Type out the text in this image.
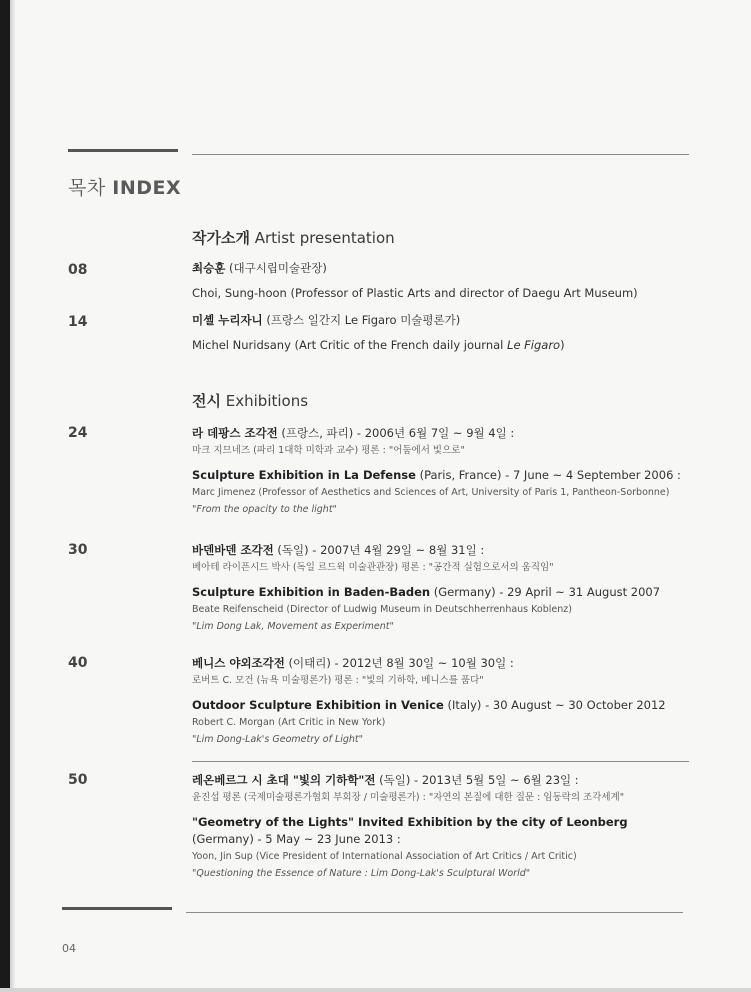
목차 INDEX
작가소개 Artist presentation
08	최승훈 (대구시립미술관장)
Choi, Sung-hoon (Professor of Plastic Arts and director of Daegu Art Museum)
14	미셸 누리자니 (프랑스 일간지 Le Figaro 미술평론가)
Michel Nuridsany (Art Critic of the French daily journal Le Figaro)
전시 Exhibitions
24	라 데팡스 조각전 (프랑스, 파리) - 2006년 6월 7일 ~ 9월 4일 :
마크 지므네즈 (파리 1대학 미학과 교수) 평론 : "어둠에서 빛으로"
Sculpture Exhibition in La Defense (Paris, France) - 7 June ~ 4 September 2006 :
Marc Jimenez (Professor of Aesthetics and Sciences of Art, University of Paris 1, Pantheon-Sorbonne)
"From the opacity to the light"
30	바덴바덴 조각전 (독일) - 2007년 4월 29일 ~ 8월 31일 :
베아테 라이픈시드 박사 (독일 르드윅 미술관관장) 평론 : "공간적 실험으로서의 움직임"
Sculpture Exhibition in Baden-Baden (Germany) - 29 April ~ 31 August 2007
Beate Reifenscheid (Director of Ludwig Museum in Deutschherrenhaus Koblenz)
"Lim Dong Lak, Movement as Experiment"
40	베니스 야외조각전 (이태리) - 2012년 8월 30일 ~ 10월 30일 :
로버트 C. 모건 (뉴욕 미술평론가) 평론 : "빛의 기하학, 베니스를 품다"
Outdoor Sculpture Exhibition in Venice (Italy) - 30 August ~ 30 October 2012
Robert C. Morgan (Art Critic in New York)
"Lim Dong-Lak's Geometry of Light"
50	레온베르그 시 초대 "빛의 기하학"전 (독일) - 2013년 5월 5일 ~ 6월 23일 :
윤진섭 평론 (국제미술평론가협회 부회장 / 미술평론가) : "자연의 본질에 대한 질문 : 임동락의 조각세계"
"Geometry of the Lights" Invited Exhibition by the city of Leonberg
(Germany) - 5 May ~ 23 June 2013 :
Yoon, Jin Sup (Vice President of International Association of Art Critics / Art Critic)
"Questioning the Essence of Nature : Lim Dong-Lak's Sculptural World"
04
